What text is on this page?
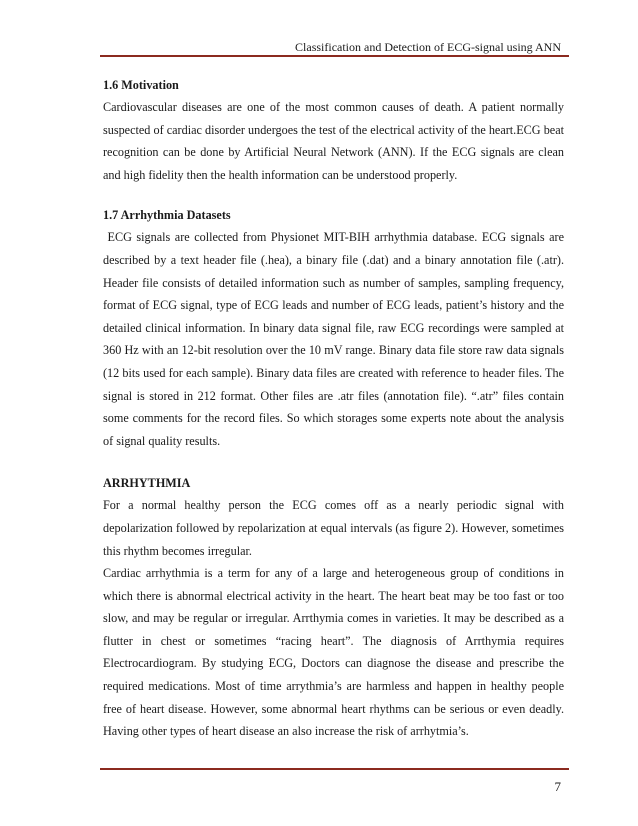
Classification and Detection of ECG-signal using ANN
1.6 Motivation

Cardiovascular diseases are one of the most common causes of death. A patient normally suspected of cardiac disorder undergoes the test of the electrical activity of the heart.ECG beat recognition can be done by Artificial Neural Network (ANN). If the ECG signals are clean and high fidelity then the health information can be understood properly.

1.7 Arrhythmia Datasets

ECG signals are collected from Physionet MIT-BIH arrhythmia database. ECG signals are described by a text header file (.hea), a binary file (.dat) and a binary annotation file (.atr). Header file consists of detailed information such as number of samples, sampling frequency, format of ECG signal, type of ECG leads and number of ECG leads, patient’s history and the detailed clinical information. In binary data signal file, raw ECG recordings were sampled at 360 Hz with an 12-bit resolution over the 10 mV range. Binary data file store raw data signals (12 bits used for each sample). Binary data files are created with reference to header files. The signal is stored in 212 format. Other files are .atr files (annotation file). “.atr” files contain some comments for the record files. So which storages some experts note about the analysis of signal quality results.

ARRHYTHMIA

For a normal healthy person the ECG comes off as a nearly periodic signal with depolarization followed by repolarization at equal intervals (as figure 2). However, sometimes this rhythm becomes irregular.

Cardiac arrhythmia is a term for any of a large and heterogeneous group of conditions in which there is abnormal electrical activity in the heart. The heart beat may be too fast or too slow, and may be regular or irregular. Arrthymia comes in varieties. It may be described as a flutter in chest or sometimes “racing heart”. The diagnosis of Arrthymia requires Electrocardiogram. By studying ECG, Doctors can diagnose the disease and prescribe the required medications. Most of time arrythmia’s are harmless and happen in healthy people free of heart disease. However, some abnormal heart rhythms can be serious or even deadly. Having other types of heart disease an also increase the risk of arrhytmia’s.

7
